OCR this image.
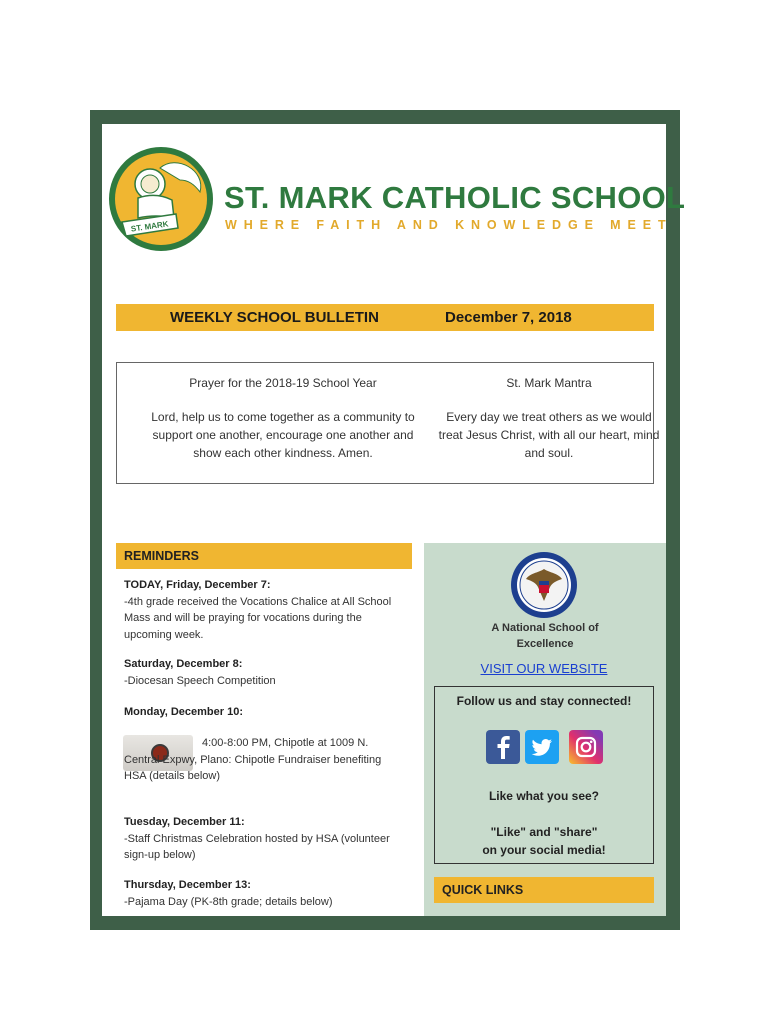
ST. MARK
ST. MARK CATHOLIC SCHOOL
WHERE FAITH AND KNOWLEDGE MEET
WEEKLY SCHOOL BULLETIN	December 7, 2018
Prayer for the 2018-19 School Year
Lord, help us to come together as a community to support one another, encourage one another and show each other kindness. Amen.
St. Mark Mantra
Every day we treat others as we would treat Jesus Christ, with all our heart, mind and soul.
REMINDERS
TODAY, Friday, December 7:
-4th grade received the Vocations Chalice at All School Mass and will be praying for vocations during the upcoming week.
Saturday, December 8:
-Diocesan Speech Competition
Monday, December 10:
4:00-8:00 PM, Chipotle at 1009 N. Central Expwy, Plano: Chipotle Fundraiser benefiting HSA (details below)
Tuesday, December 11:
-Staff Christmas Celebration hosted by HSA (volunteer sign-up below)
Thursday, December 13:
-Pajama Day (PK-8th grade; details below)
A National School of Excellence
VISIT OUR WEBSITE
Follow us and stay connected!
Like what you see?
"Like" and "share"
on your social media!
QUICK LINKS
